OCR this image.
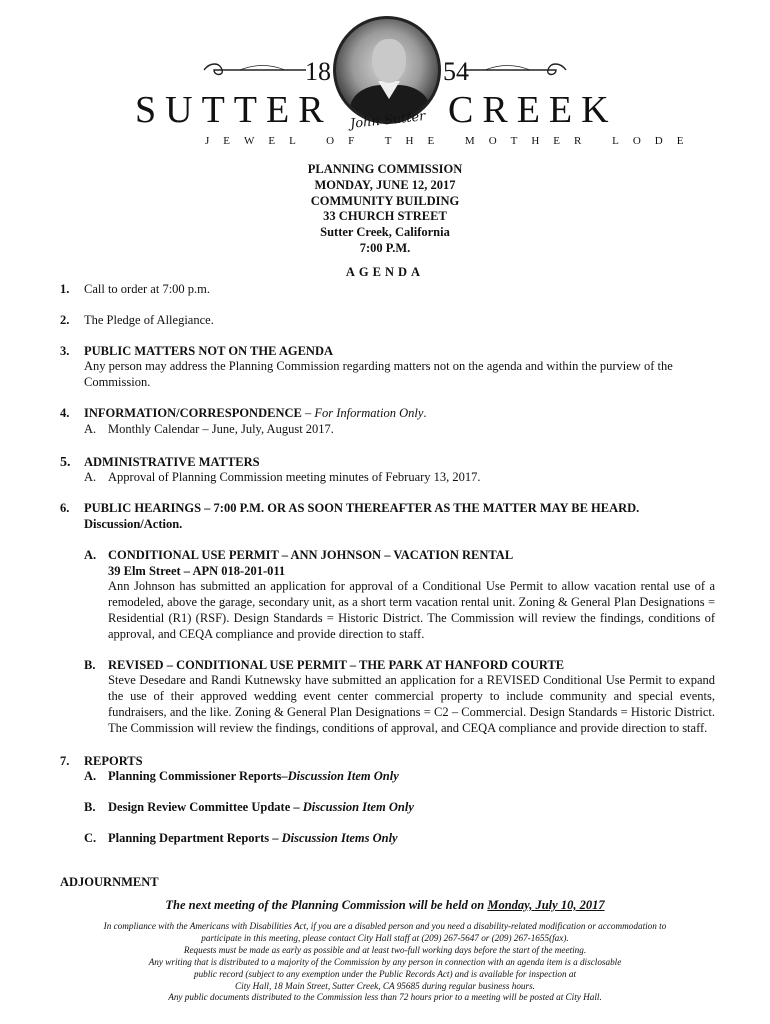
18	54
SUTTER	CREEK
John Sutter
JEWEL OF THE MOTHER LODE
PLANNING COMMISSION
MONDAY, JUNE 12, 2017
COMMUNITY BUILDING
33 CHURCH STREET
Sutter Creek, California
7:00 P.M.
AGENDA
1. Call to order at 7:00 p.m.
2. The Pledge of Allegiance.
3. PUBLIC MATTERS NOT ON THE AGENDA
Any person may address the Planning Commission regarding matters not on the agenda and within the purview of the Commission.
4. INFORMATION/CORRESPONDENCE – For Information Only.
A. Monthly Calendar – June, July, August 2017.
5. ADMINISTRATIVE MATTERS
A. Approval of Planning Commission meeting minutes of February 13, 2017.
6. PUBLIC HEARINGS – 7:00 P.M. OR AS SOON THEREAFTER AS THE MATTER MAY BE HEARD. Discussion/Action.
A. CONDITIONAL USE PERMIT – ANN JOHNSON – VACATION RENTAL
39 Elm Street – APN 018-201-011
Ann Johnson has submitted an application for approval of a Conditional Use Permit to allow vacation rental use of a remodeled, above the garage, secondary unit, as a short term vacation rental unit. Zoning & General Plan Designations = Residential (R1) (RSF). Design Standards = Historic District. The Commission will review the findings, conditions of approval, and CEQA compliance and provide direction to staff.
B. REVISED – CONDITIONAL USE PERMIT – THE PARK AT HANFORD COURTE
Steve Desedare and Randi Kutnewsky have submitted an application for a REVISED Conditional Use Permit to expand the use of their approved wedding event center commercial property to include community and special events, fundraisers, and the like. Zoning & General Plan Designations = C2 – Commercial. Design Standards = Historic District. The Commission will review the findings, conditions of approval, and CEQA compliance and provide direction to staff.
7. REPORTS
A. Planning Commissioner Reports–Discussion Item Only
B. Design Review Committee Update – Discussion Item Only
C. Planning Department Reports – Discussion Items Only
ADJOURNMENT
The next meeting of the Planning Commission will be held on Monday, July 10, 2017
In compliance with the Americans with Disabilities Act, if you are a disabled person and you need a disability-related modification or accommodation to
participate in this meeting, please contact City Hall staff at (209) 267-5647 or (209) 267-1655(fax).
Requests must be made as early as possible and at least two-full working days before the start of the meeting.
Any writing that is distributed to a majority of the Commission by any person in connection with an agenda item is a disclosable
public record (subject to any exemption under the Public Records Act) and is available for inspection at
City Hall, 18 Main Street, Sutter Creek, CA 95685 during regular business hours.
Any public documents distributed to the Commission less than 72 hours prior to a meeting will be posted at City Hall.
